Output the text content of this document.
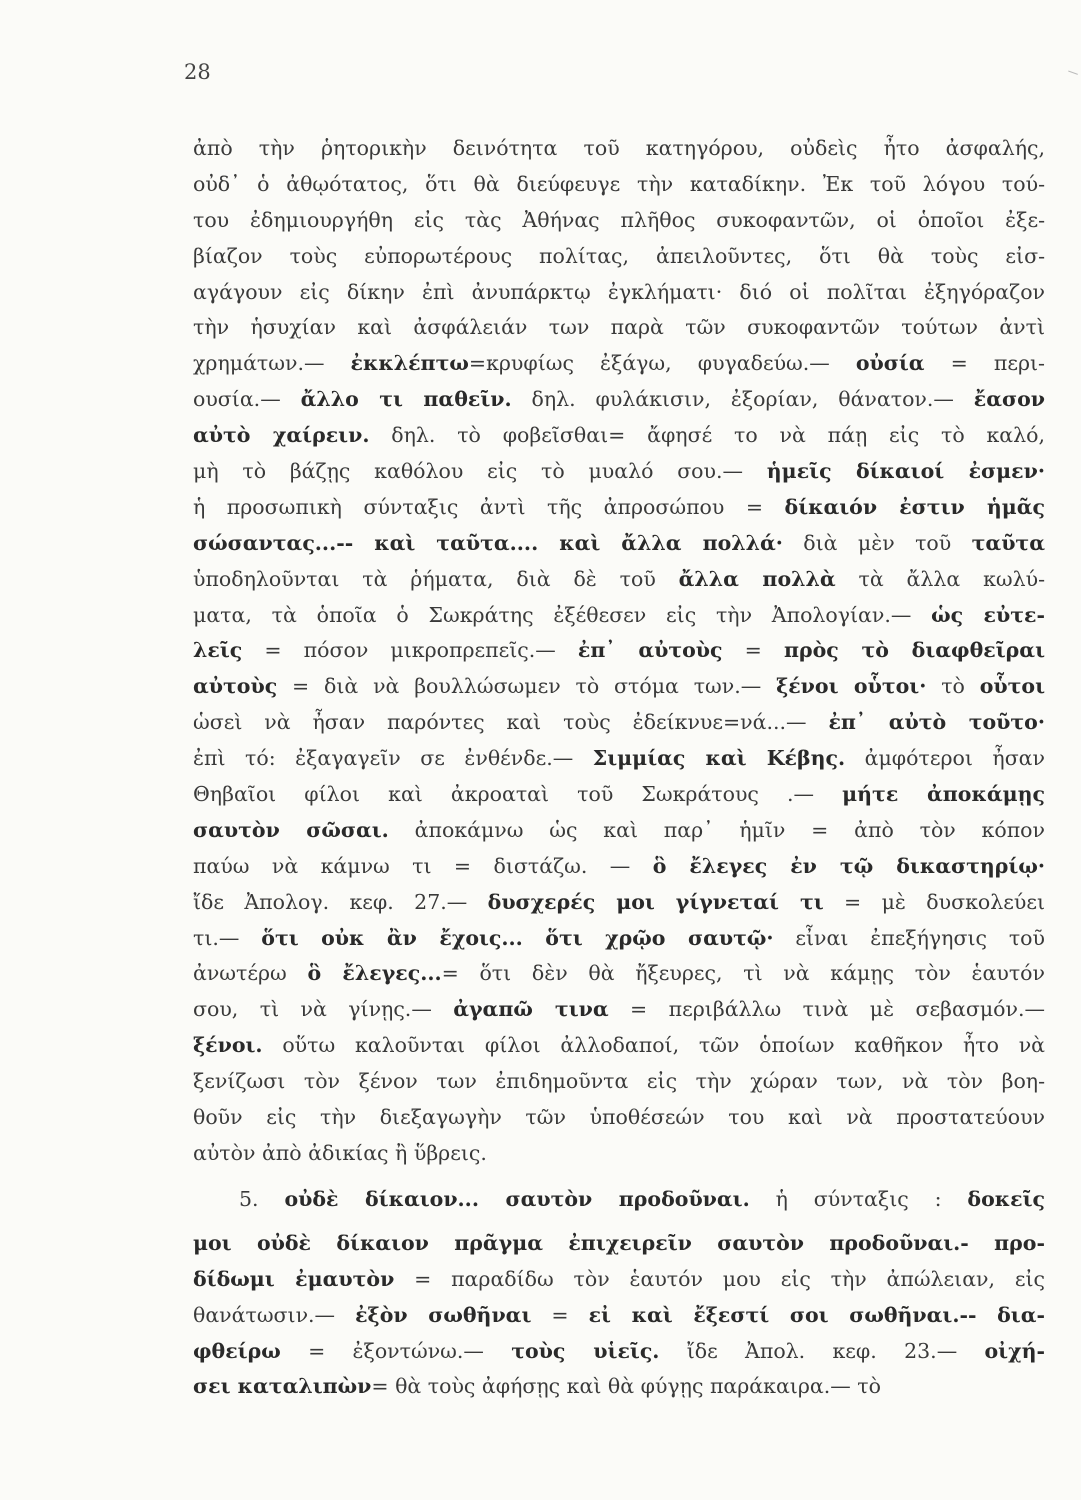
28
ἀπὸ τὴν ῥητορικὴν δεινότητα τοῦ κατηγόρου, οὐδεὶς ἦτο ἀσφαλής,
οὐδ᾽ ὁ ἀθῳότατος, ὅτι θὰ διεύφευγε τὴν καταδίκην. Ἐκ τοῦ λόγου τού-
του ἐδημιουργήθη εἰς τὰς Ἀθήνας πλῆθος συκοφαντῶν, οἱ ὁποῖοι ἐξε-
βίαζον τοὺς εὐπορωτέρους πολίτας, ἀπειλοῦντες, ὅτι θὰ τοὺς εἰσ-
αγάγουν εἰς δίκην ἐπὶ ἀνυπάρκτῳ ἐγκλήματι· διό οἱ πολῖται ἐξηγόραζον
τὴν ἡσυχίαν καὶ ἀσφάλειάν των παρὰ τῶν συκοφαντῶν τούτων ἀντὶ
χρημάτων.— ἐκκλέπτω=κρυφίως ἐξάγω, φυγαδεύω.— οὐσία = περι-
ουσία.— ἄλλο τι παθεῖν. δηλ. φυλάκισιν, ἐξορίαν, θάνατον.— ἔασον
αὐτὸ χαίρειν. δηλ. τὸ φοβεῖσθαι= ἄφησέ το νὰ πάῃ εἰς τὸ καλό,
μὴ τὸ βάζῃς καθόλου εἰς τὸ μυαλό σου.— ἡμεῖς δίκαιοί ἐσμεν·
ἡ προσωπικὴ σύνταξις ἀντὶ τῆς ἀπροσώπου = δίκαιόν ἐστιν ἡμᾶς
σώσαντας...-- καὶ ταῦτα.... καὶ ἄλλα πολλά· διὰ μὲν τοῦ ταῦτα
ὑποδηλοῦνται τὰ ῥήματα, διὰ δὲ τοῦ ἄλλα πολλὰ τὰ ἄλλα κωλύ-
ματα, τὰ ὁποῖα ὁ Σωκράτης ἐξέθεσεν εἰς τὴν Ἀπολογίαν.— ὡς εὐτε-
λεῖς = πόσον μικροπρεπεῖς.— ἐπ᾽ αὐτοὺς = πρὸς τὸ διαφθεῖραι
αὐτοὺς = διὰ νὰ βουλλώσωμεν τὸ στόμα των.— ξένοι οὗτοι· τὸ οὗτοι
ὡσεὶ νὰ ἦσαν παρόντες καὶ τοὺς ἐδείκνυε=νά...— ἐπ᾽ αὐτὸ τοῦτο·
ἐπὶ τό: ἐξαγαγεῖν σε ἐνθένδε.— Σιμμίας καὶ Κέβης. ἀμφότεροι ἦσαν
Θηβαῖοι φίλοι καὶ ἀκροαταὶ τοῦ Σωκράτους .— μήτε ἀποκάμῃς
σαυτὸν σῶσαι. ἀποκάμνω ὡς καὶ παρ᾽ ἡμῖν = ἀπὸ τὸν κόπον
παύω νὰ κάμνω τι = διστάζω. — ὃ ἔλεγες ἐν τῷ δικαστηρίῳ·
ἴδε Ἀπολογ. κεφ. 27.— δυσχερές μοι γίγνεταί τι = μὲ δυσκολεύει
τι.— ὅτι οὐκ ἂν ἔχοις... ὅτι χρῷο σαυτῷ· εἶναι ἐπεξήγησις τοῦ
ἀνωτέρω ὃ ἔλεγες...= ὅτι δὲν θὰ ἤξευρες, τὶ νὰ κάμῃς τὸν ἑαυτόν
σου, τὶ νὰ γίνῃς.— ἀγαπῶ τινα = περιβάλλω τινὰ μὲ σεβασμόν.—
ξένοι. οὕτω καλοῦνται φίλοι ἀλλοδαποί, τῶν ὁποίων καθῆκον ἦτο νὰ
ξενίζωσι τὸν ξένον των ἐπιδημοῦντα εἰς τὴν χώραν των, νὰ τὸν βοη-
θοῦν εἰς τὴν διεξαγωγὴν τῶν ὑποθέσεών του καὶ νὰ προστατεύουν
αὐτὸν ἀπὸ ἀδικίας ἢ ὕβρεις.
5. οὐδὲ δίκαιον... σαυτὸν προδοῦναι. ἡ σύνταξις : δοκεῖς
μοι οὐδὲ δίκαιον πρᾶγμα ἐπιχειρεῖν σαυτὸν προδοῦναι.- προ-
δίδωμι ἐμαυτὸν = παραδίδω τὸν ἑαυτόν μου εἰς τὴν ἀπώλειαν, εἰς
θανάτωσιν.— ἐξὸν σωθῆναι = εἰ καὶ ἔξεστί σοι σωθῆναι.-- δια-
φθείρω = ἐξοντώνω.— τοὺς υἱεῖς. ἴδε Ἀπολ. κεφ. 23.— οἰχή-
σει καταλιπὼν= θὰ τοὺς ἀφήσῃς καὶ θὰ φύγῃς παράκαιρα.— τὸ
